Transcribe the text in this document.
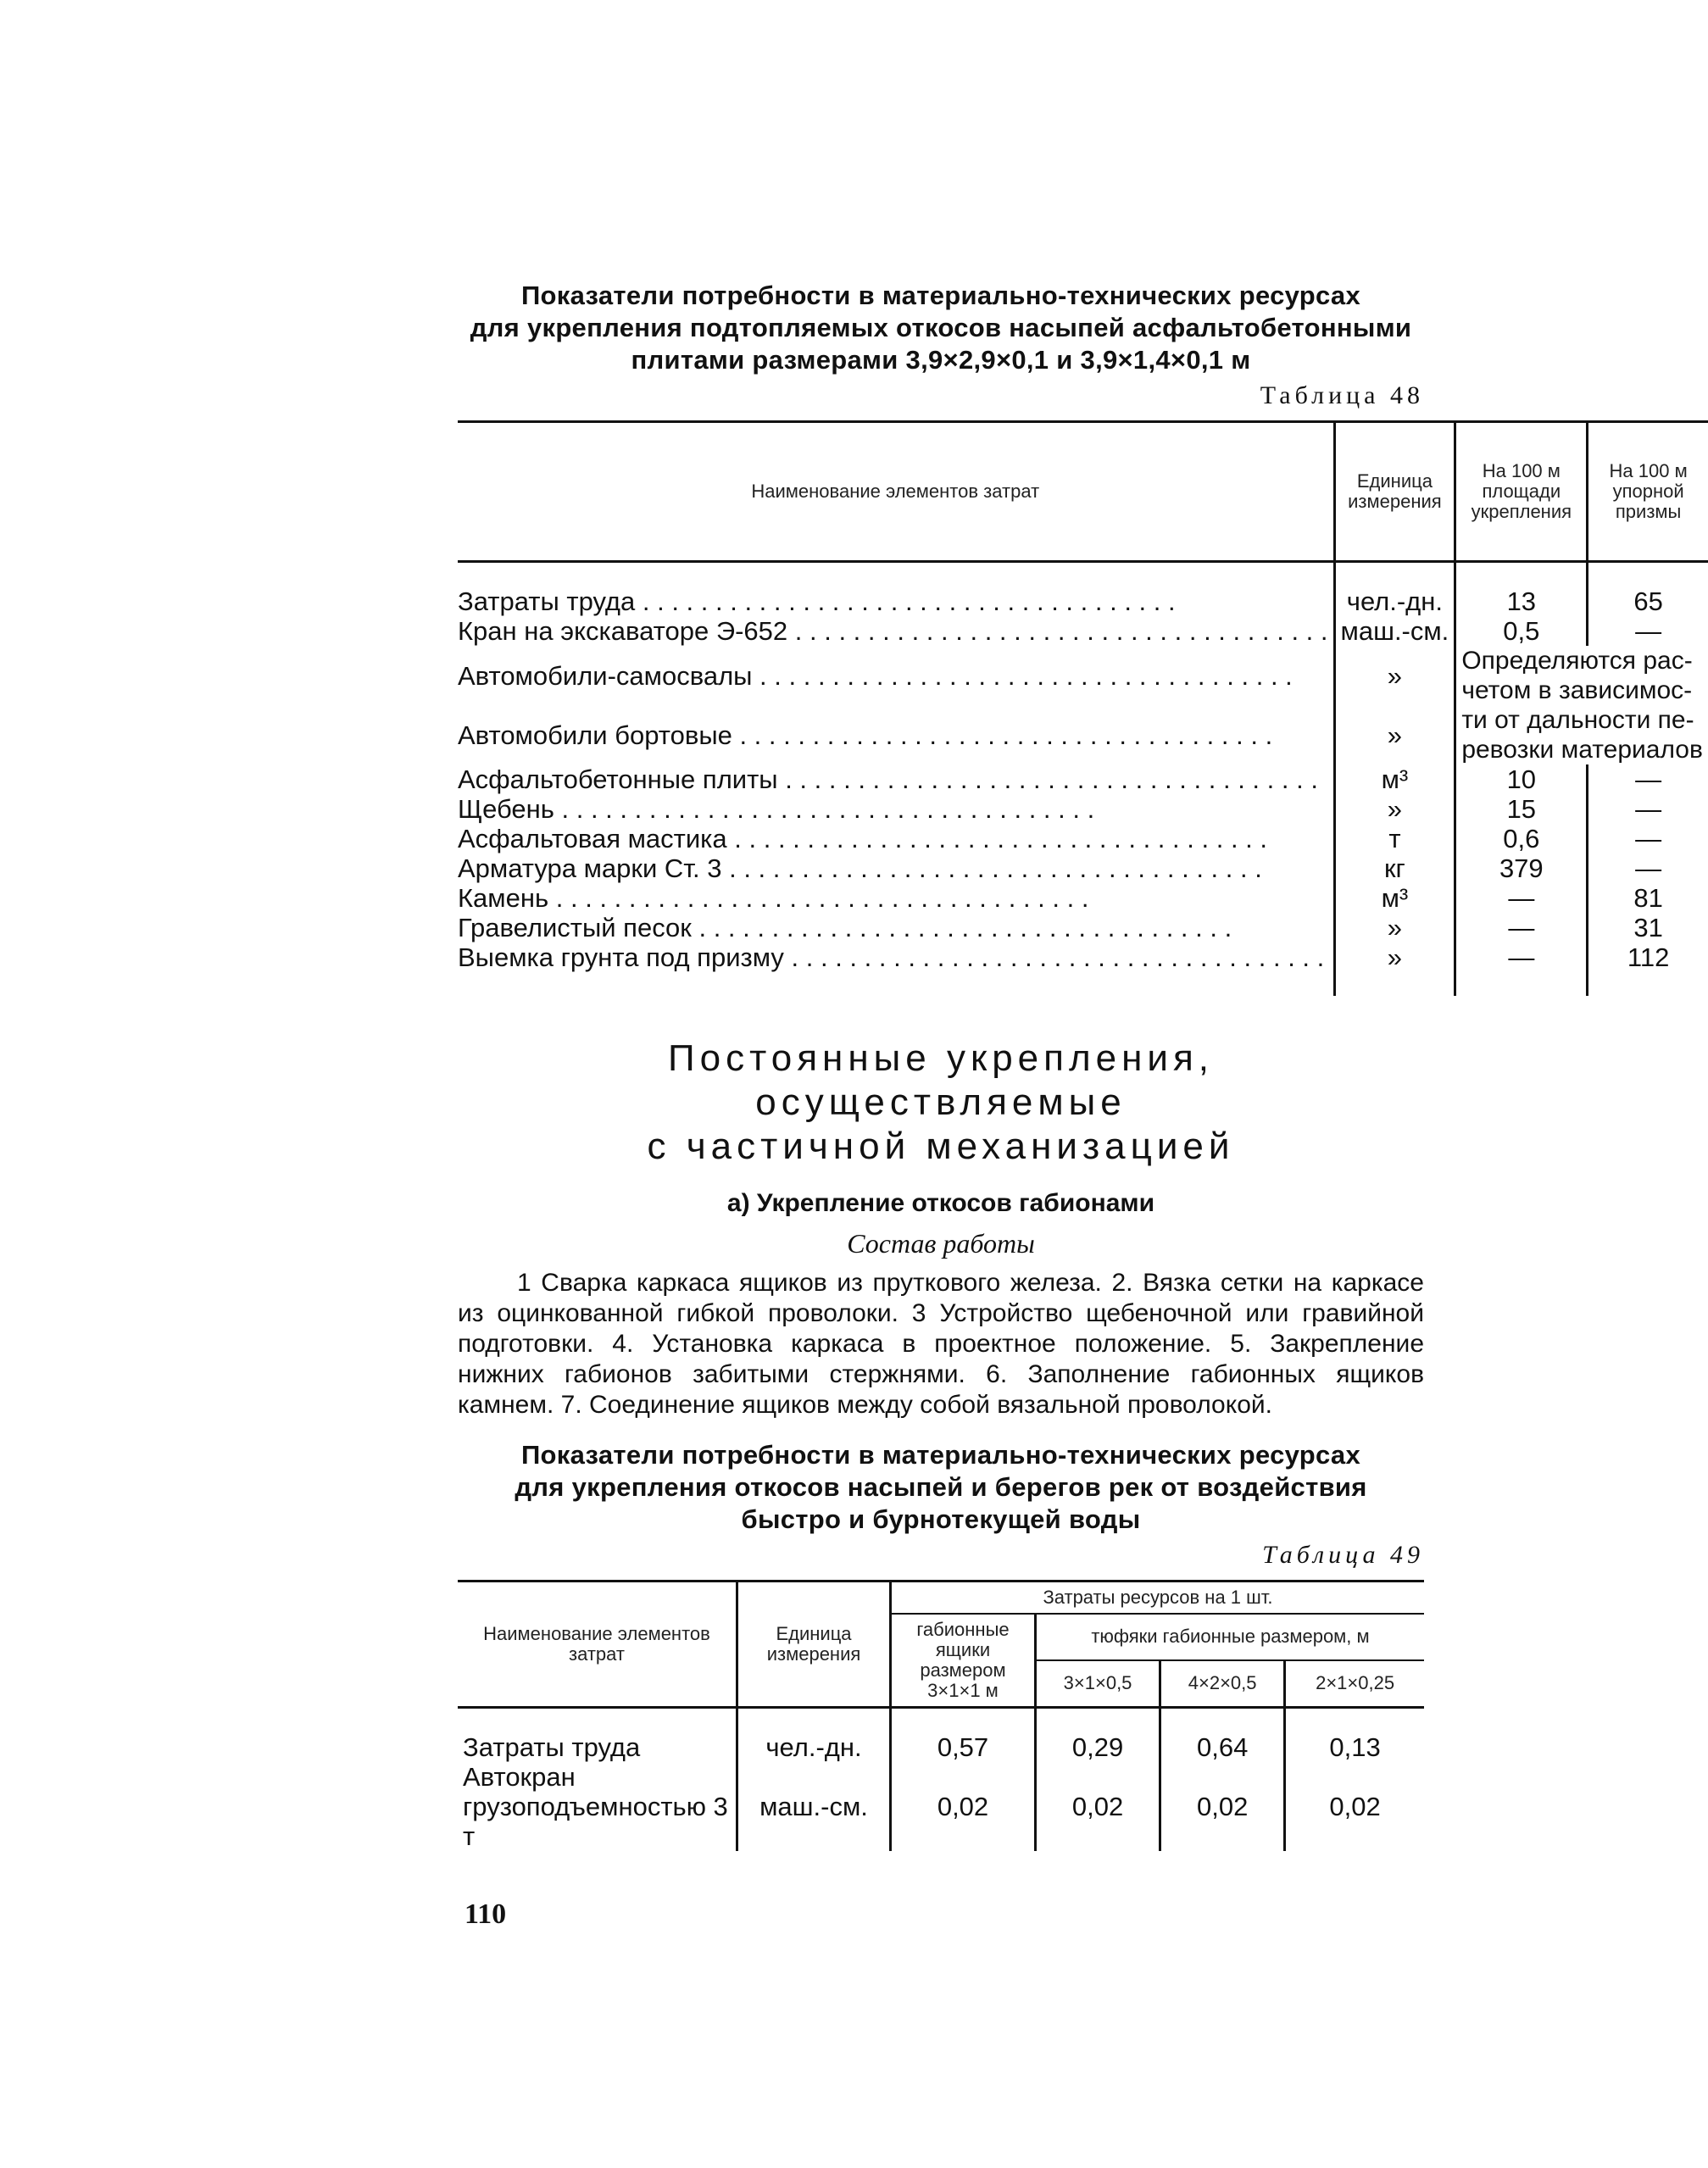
Показатели потребности в материально-технических ресурсах
для укрепления подтопляемых откосов насыпей асфальтобетонными
плитами размерами 3,9×2,9×0,1 и 3,9×1,4×0,1 м
Таблица 48
Наименование элементов затрат	Единица измерения	На 100 м площади укрепления	На 100 м упорной призмы
Затраты труда . . .	чел.-дн.	13	65
Кран на экскаваторе Э-652 . . .	маш.-см.	0,5	—
Автомобили-самосвалы . . .	»	Определяются рас-
четом в зависимос-
ти от дальности пе-
ревозки материалов	

Автомобили бортовые . . .	»		
Асфальтобетонные плиты . . .	м³	10	—
Щебень . . .	»	15	—
Асфальтовая мастика . . .	т	0,6	—
Арматура марки Ст. 3 . . .	кг	379	—
Камень . . .	м³	—	81
Гравелистый песок . . .	»	—	31
Выемка грунта под призму . . .	»	—	112
Постоянные укрепления,
осуществляемые
с частичной механизацией
а) Укрепление откосов габионами
Состав работы
1 Сварка каркаса ящиков из пруткового железа. 2. Вязка сетки на каркасе из оцинкованной гибкой проволоки. 3 Устройство щебеночной или гравийной подготовки. 4. Установка каркаса в проектное положение. 5. Закрепление нижних габионов забитыми стержнями. 6. Заполнение габионных ящиков камнем. 7. Соединение ящиков между собой вязальной проволокой.
Показатели потребности в материально-технических ресурсах
для укрепления откосов насыпей и берегов рек от воздействия
быстро и бурнотекущей воды
Таблица 49
Наименование элементов затрат	Единица измерения	Затраты ресурсов на 1 шт.			
		габионные ящики размером 3×1×1 м	тюфяки габионные размером, м		
			3×1×0,5	4×2×0,5	2×1×0,25
Затраты труда	чел.-дн.	0,57	0,29	0,64	0,13
Автокран грузоподъемностью 3 т	маш.-см.	0,02	0,02	0,02	0,02
110
